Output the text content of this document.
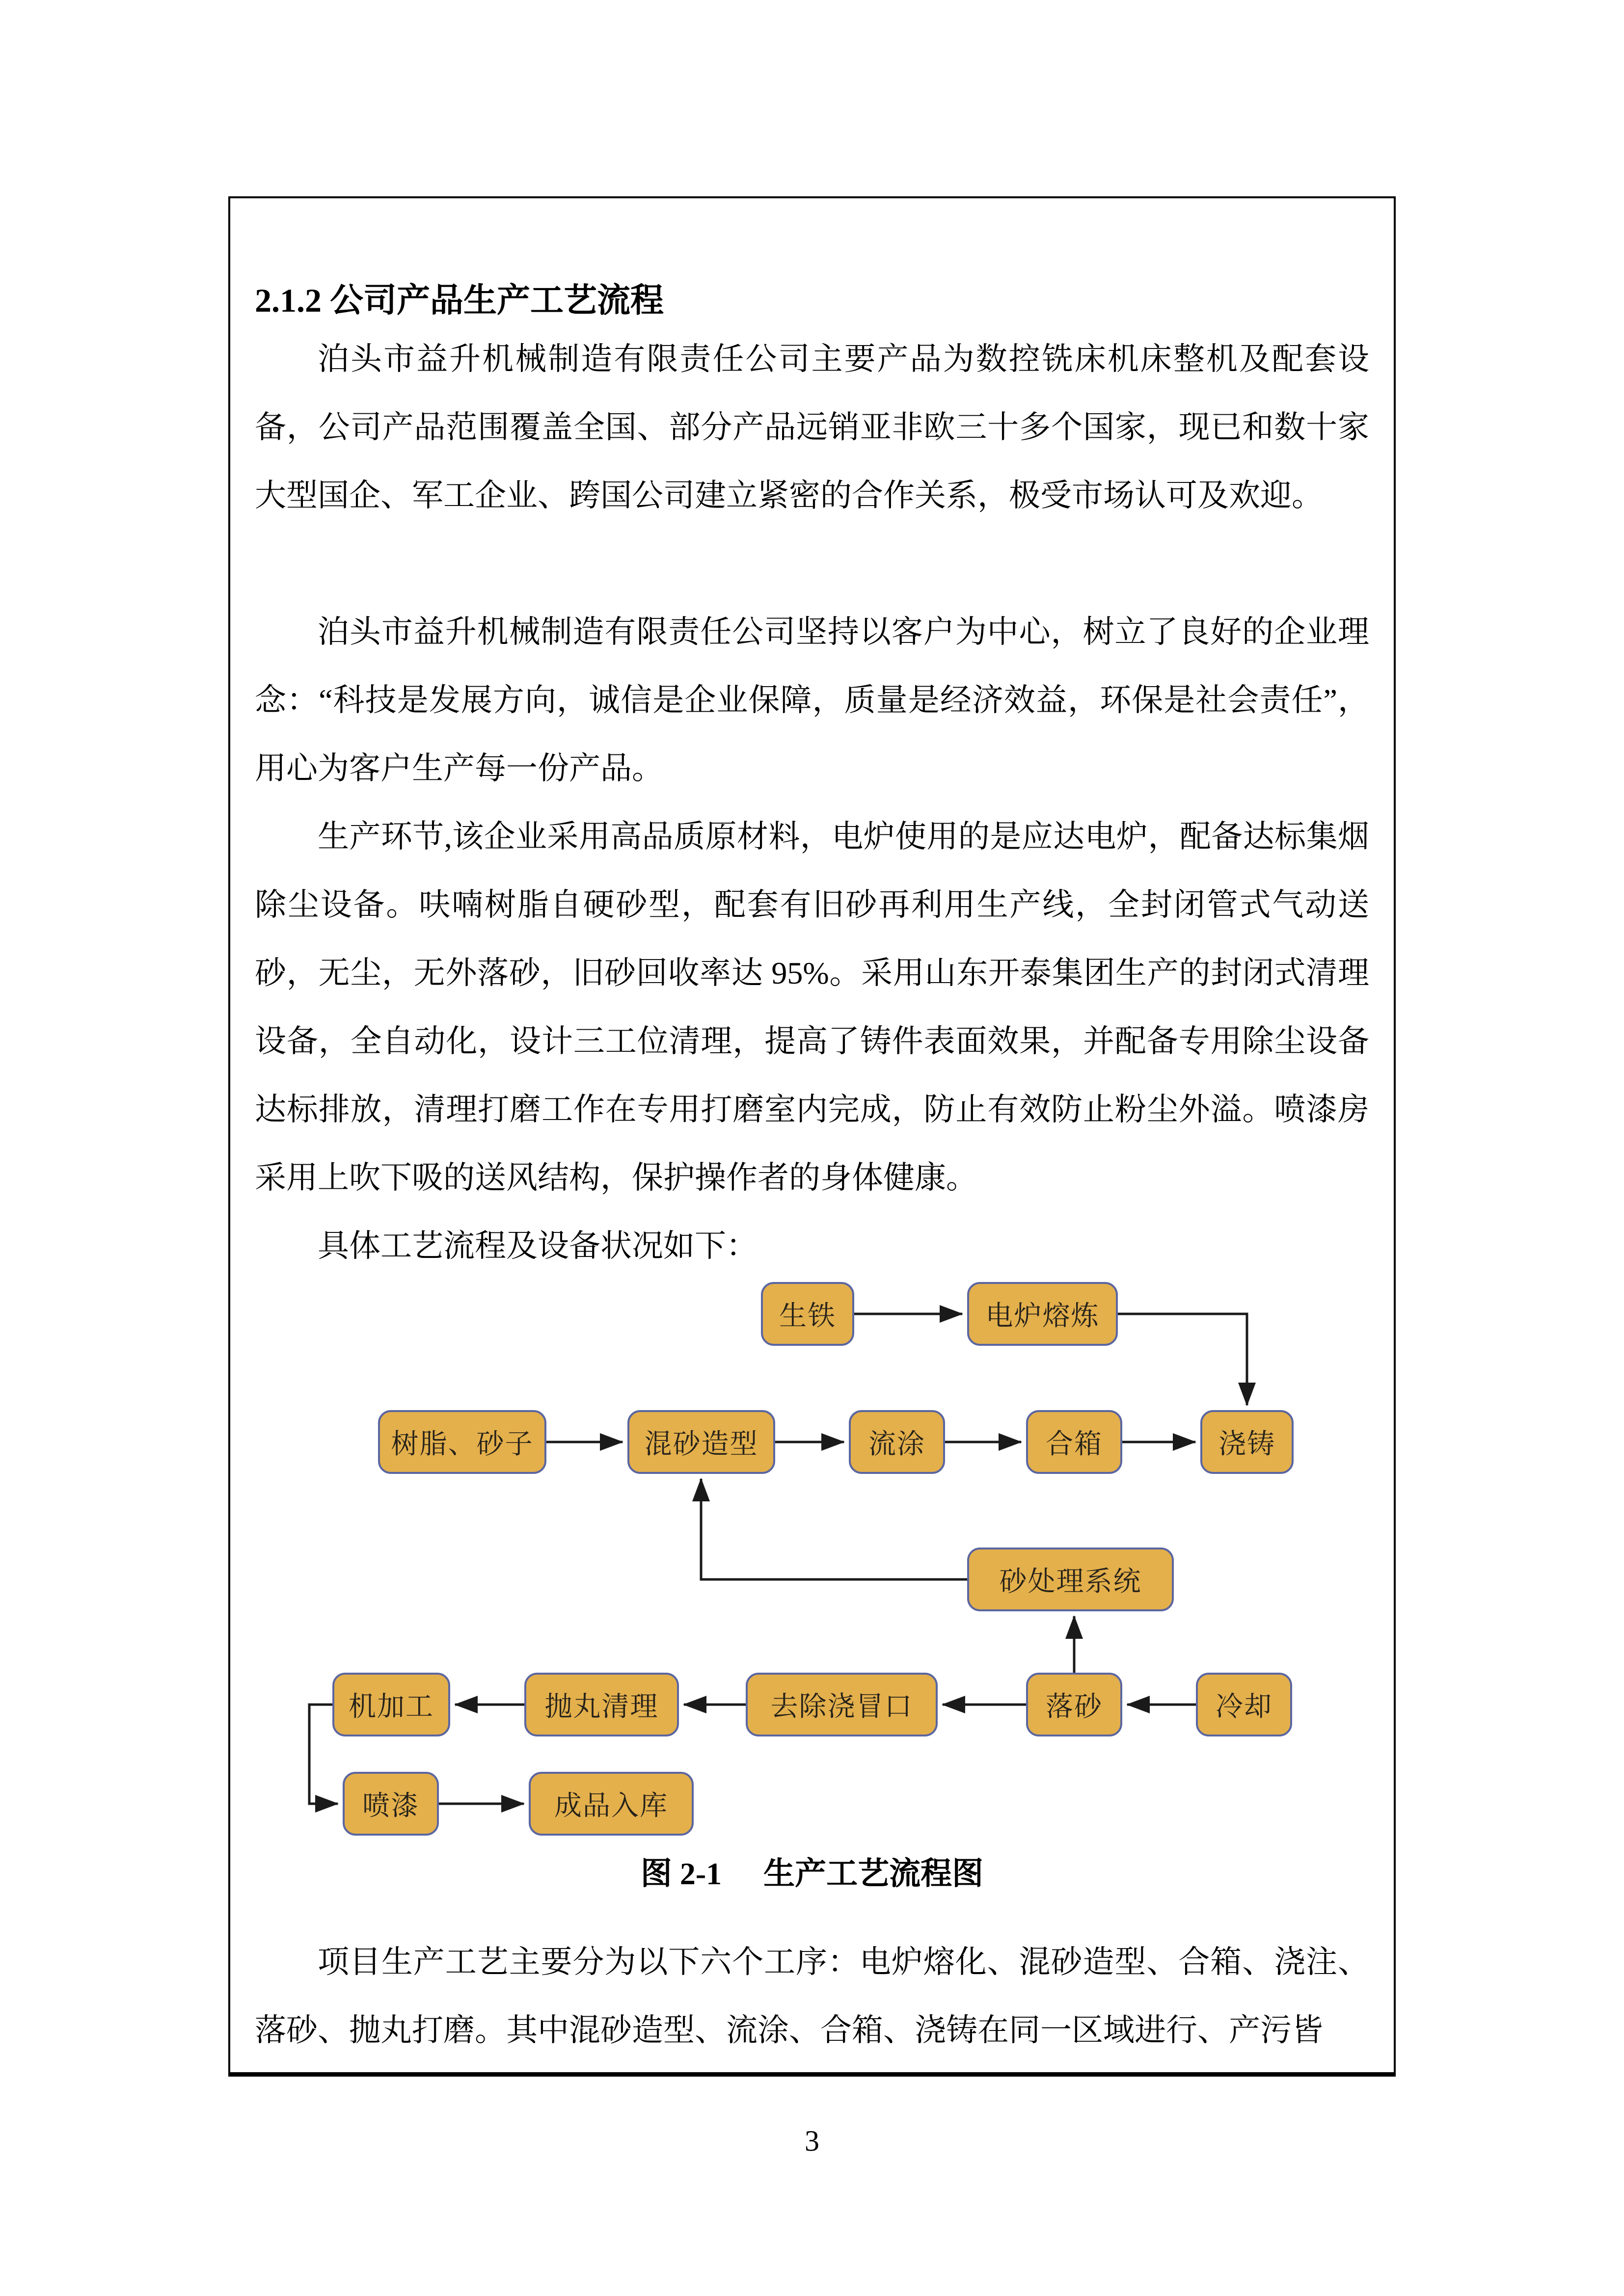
2.1.2 公司产品生产工艺流程

泊头市益升机械制造有限责任公司主要产品为数控铣床机床整机及配套设备，公司产品范围覆盖全国、部分产品远销亚非欧三十多个国家，现已和数十家大型国企、军工企业、跨国公司建立紧密的合作关系，极受市场认可及欢迎。

泊头市益升机械制造有限责任公司坚持以客户为中心，树立了良好的企业理念：“科技是发展方向，诚信是企业保障，质量是经济效益，环保是社会责任”，用心为客户生产每一份产品。

生产环节,该企业采用高品质原材料，电炉使用的是应达电炉，配备达标集烟除尘设备。呋喃树脂自硬砂型，配套有旧砂再利用生产线，全封闭管式气动送砂，无尘，无外落砂，旧砂回收率达 95%。采用山东开泰集团生产的封闭式清理设备，全自动化，设计三工位清理，提高了铸件表面效果，并配备专用除尘设备达标排放，清理打磨工作在专用打磨室内完成，防止有效防止粉尘外溢。喷漆房采用上吹下吸的送风结构，保护操作者的身体健康。

具体工艺流程及设备状况如下：

生铁	电炉熔炼
树脂、砂子	混砂造型	流涂	合箱	浇铸
砂处理系统
机加工	抛丸清理	去除浇冒口	落砂	冷却
喷漆	成品入库
图 2-1 生产工艺流程图

项目生产工艺主要分为以下六个工序：电炉熔化、混砂造型、合箱、浇注、落砂、抛丸打磨。其中混砂造型、流涂、合箱、浇铸在同一区域进行、产污皆

3
